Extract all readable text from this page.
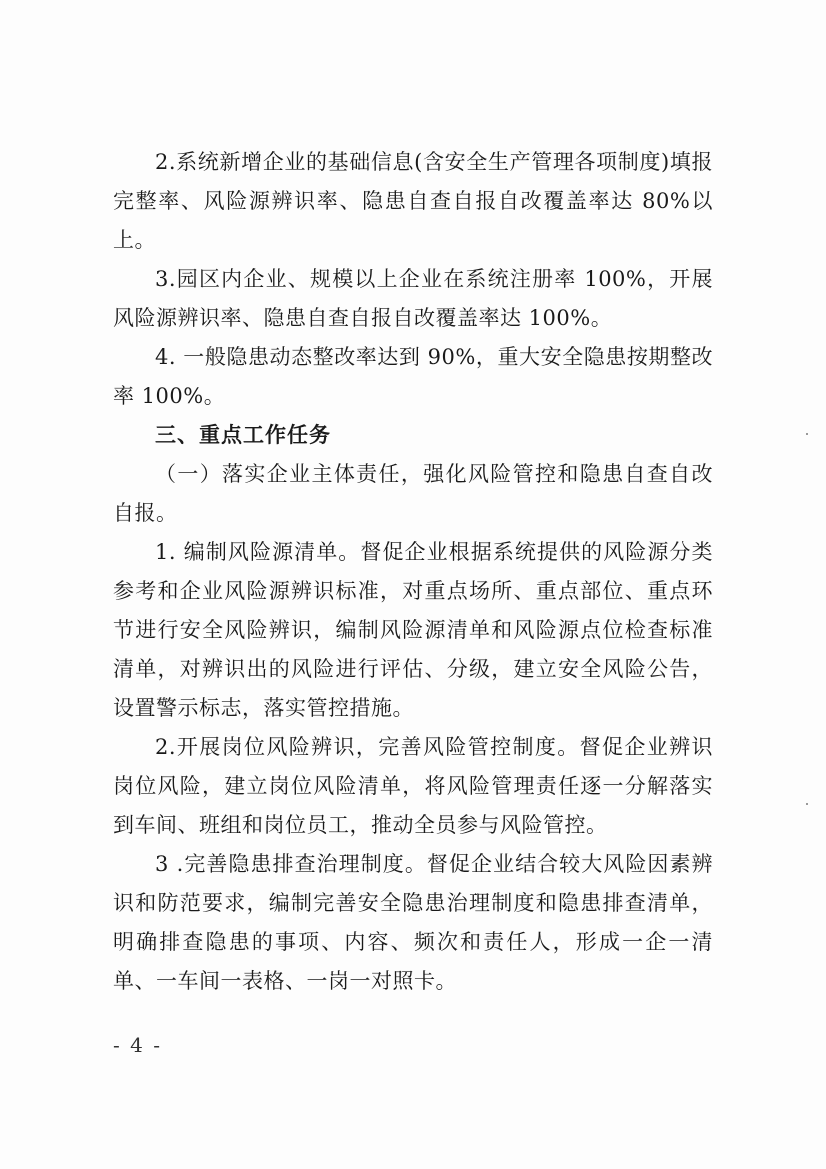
2.系统新增企业的基础信息(含安全生产管理各项制度)填报完整率、风险源辨识率、隐患自查自报自改覆盖率达 80%以上。

3.园区内企业、规模以上企业在系统注册率 100%，开展风险源辨识率、隐患自查自报自改覆盖率达 100%。

4. 一般隐患动态整改率达到 90%，重大安全隐患按期整改率 100%。

三、重点工作任务

（一）落实企业主体责任，强化风险管控和隐患自查自改自报。

1. 编制风险源清单。督促企业根据系统提供的风险源分类参考和企业风险源辨识标准，对重点场所、重点部位、重点环节进行安全风险辨识，编制风险源清单和风险源点位检查标准清单，对辨识出的风险进行评估、分级，建立安全风险公告，设置警示标志，落实管控措施。

2.开展岗位风险辨识，完善风险管控制度。督促企业辨识岗位风险，建立岗位风险清单，将风险管理责任逐一分解落实到车间、班组和岗位员工，推动全员参与风险管控。

3 .完善隐患排查治理制度。督促企业结合较大风险因素辨识和防范要求，编制完善安全隐患治理制度和隐患排查清单，明确排查隐患的事项、内容、频次和责任人，形成一企一清单、一车间一表格、一岗一对照卡。

- 4 -
